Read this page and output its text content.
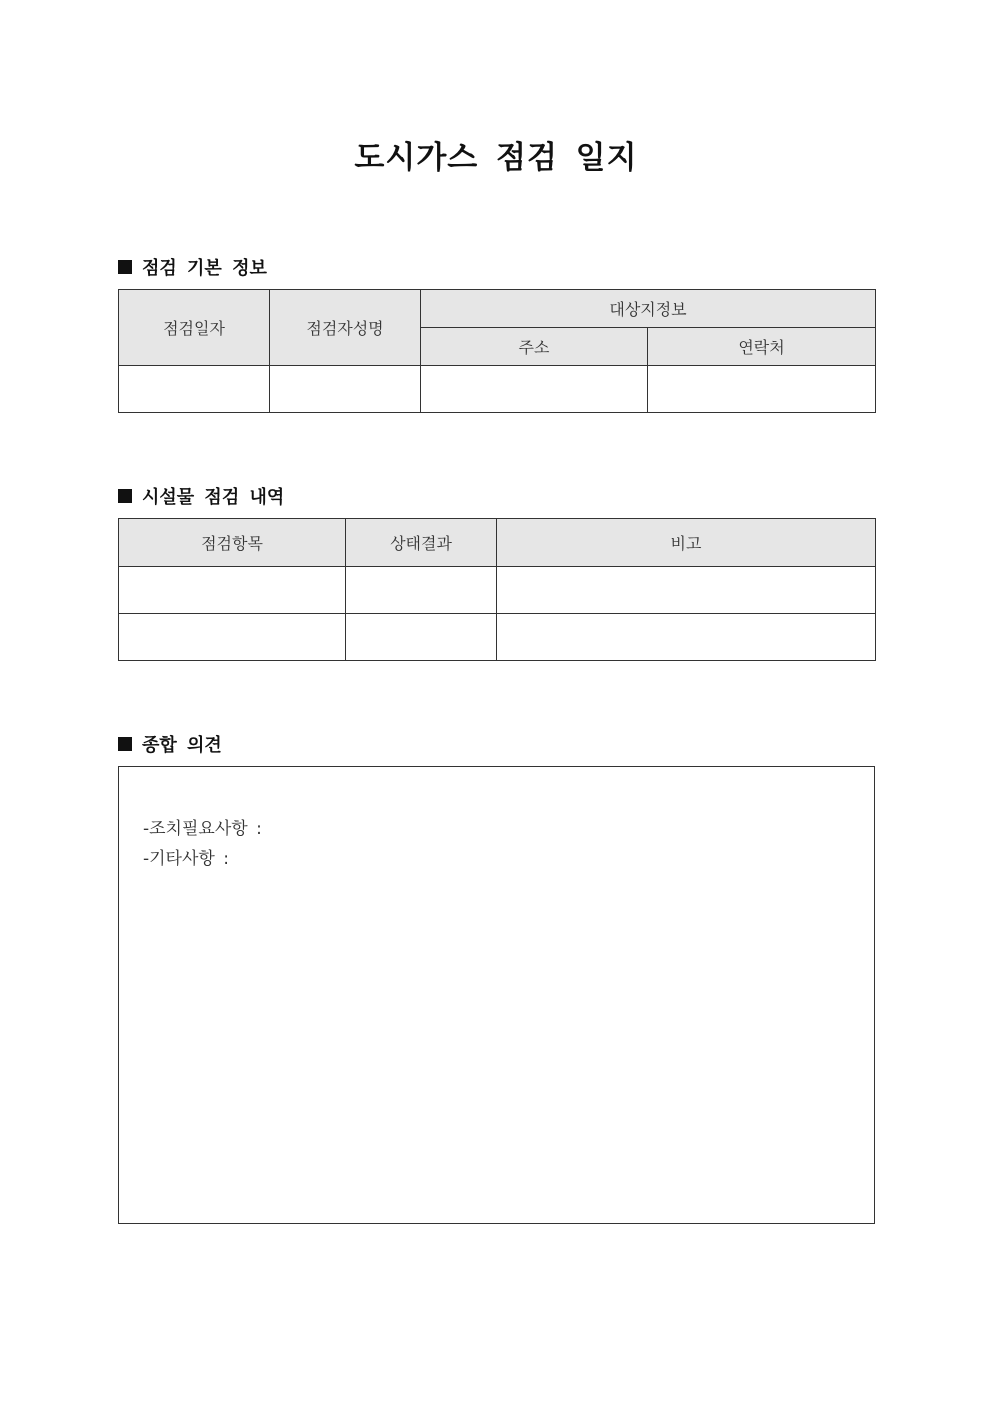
도시가스 점검 일지
점검 기본 정보
점검일자	점검자성명	대상지정보	
		주소	연락처

시설물 점검 내역
점검항목	상태결과	비고

종합 의견
-조치필요사항 :
-기타사항 :
